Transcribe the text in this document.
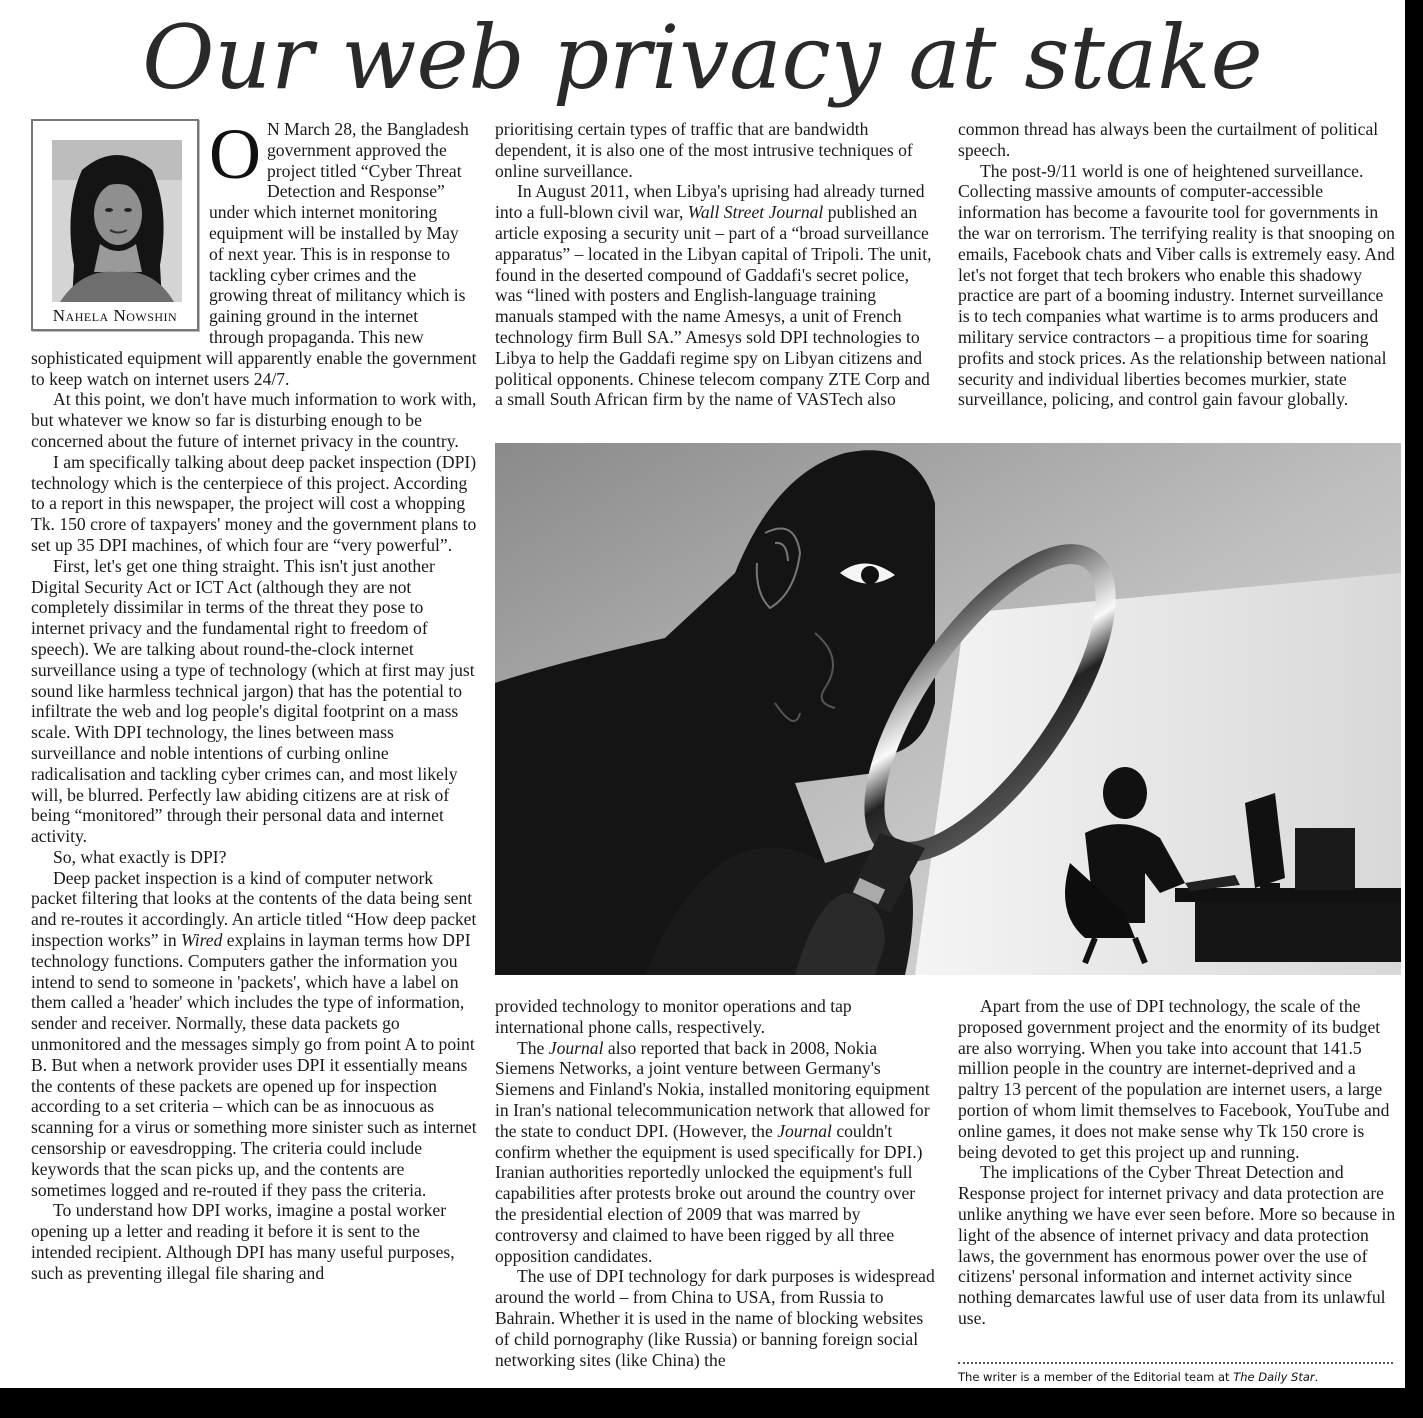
Our web privacy at stake
Nahela Nowshin

O N March 28, the Bangladesh government approved the project titled “Cyber Threat Detection and Response” under which internet monitoring equipment will be installed by May of next year. This is in response to tackling cyber crimes and the growing threat of militancy which is gaining ground in the internet through propaganda. This new sophisticated equipment will apparently enable the government to keep watch on internet users 24/7.

At this point, we don't have much information to work with, but whatever we know so far is disturbing enough to be concerned about the future of internet privacy in the country.

I am specifically talking about deep packet inspection (DPI) technology which is the centerpiece of this project. According to a report in this newspaper, the project will cost a whopping Tk. 150 crore of taxpayers' money and the government plans to set up 35 DPI machines, of which four are “very powerful”.

First, let's get one thing straight. This isn't just another Digital Security Act or ICT Act (although they are not completely dissimilar in terms of the threat they pose to internet privacy and the fundamental right to freedom of speech). We are talking about round-the-clock internet surveillance using a type of technology (which at first may just sound like harmless technical jargon) that has the potential to infiltrate the web and log people's digital footprint on a mass scale. With DPI technology, the lines between mass surveillance and noble intentions of curbing online radicalisation and tackling cyber crimes can, and most likely will, be blurred. Perfectly law abiding citizens are at risk of being “monitored” through their personal data and internet activity.

So, what exactly is DPI?

Deep packet inspection is a kind of computer network packet filtering that looks at the contents of the data being sent and re-routes it accordingly. An article titled “How deep packet inspection works” in Wired explains in layman terms how DPI technology functions. Computers gather the information you intend to send to someone in 'packets', which have a label on them called a 'header' which includes the type of information, sender and receiver. Normally, these data packets go unmonitored and the messages simply go from point A to point B. But when a network provider uses DPI it essentially means the contents of these packets are opened up for inspection according to a set criteria – which can be as innocuous as scanning for a virus or something more sinister such as internet censorship or eavesdropping. The criteria could include keywords that the scan picks up, and the contents are sometimes logged and re-routed if they pass the criteria.

To understand how DPI works, imagine a postal worker opening up a letter and reading it before it is sent to the intended recipient. Although DPI has many useful purposes, such as preventing illegal file sharing and

prioritising certain types of traffic that are bandwidth dependent, it is also one of the most intrusive techniques of online surveillance.

In August 2011, when Libya's uprising had already turned into a full-blown civil war, Wall Street Journal published an article exposing a security unit – part of a “broad surveillance apparatus” – located in the Libyan capital of Tripoli. The unit, found in the deserted compound of Gaddafi's secret police, was “lined with posters and English-language training manuals stamped with the name Amesys, a unit of French technology firm Bull SA.” Amesys sold DPI technologies to Libya to help the Gaddafi regime spy on Libyan citizens and political opponents. Chinese telecom company ZTE Corp and a small South African firm by the name of VASTech also

common thread has always been the curtailment of political speech.

The post-9/11 world is one of heightened surveillance. Collecting massive amounts of computer-accessible information has become a favourite tool for governments in the war on terrorism. The terrifying reality is that snooping on emails, Facebook chats and Viber calls is extremely easy. And let's not forget that tech brokers who enable this shadowy practice are part of a booming industry. Internet surveillance is to tech companies what wartime is to arms producers and military service contractors – a propitious time for soaring profits and stock prices. As the relationship between national security and individual liberties becomes murkier, state surveillance, policing, and control gain favour globally.

provided technology to monitor operations and tap international phone calls, respectively.

The Journal also reported that back in 2008, Nokia Siemens Networks, a joint venture between Germany's Siemens and Finland's Nokia, installed monitoring equipment in Iran's national telecommunication network that allowed for the state to conduct DPI. (However, the Journal couldn't confirm whether the equipment is used specifically for DPI.) Iranian authorities reportedly unlocked the equipment's full capabilities after protests broke out around the country over the presidential election of 2009 that was marred by controversy and claimed to have been rigged by all three opposition candidates.

The use of DPI technology for dark purposes is widespread around the world – from China to USA, from Russia to Bahrain. Whether it is used in the name of blocking websites of child pornography (like Russia) or banning foreign social networking sites (like China) the

Apart from the use of DPI technology, the scale of the proposed government project and the enormity of its budget are also worrying. When you take into account that 141.5 million people in the country are internet-deprived and a paltry 13 percent of the population are internet users, a large portion of whom limit themselves to Facebook, YouTube and online games, it does not make sense why Tk 150 crore is being devoted to get this project up and running.

The implications of the Cyber Threat Detection and Response project for internet privacy and data protection are unlike anything we have ever seen before. More so because in light of the absence of internet privacy and data protection laws, the government has enormous power over the use of citizens' personal information and internet activity since nothing demarcates lawful use of user data from its unlawful use.

The writer is a member of the Editorial team at The Daily Star.
